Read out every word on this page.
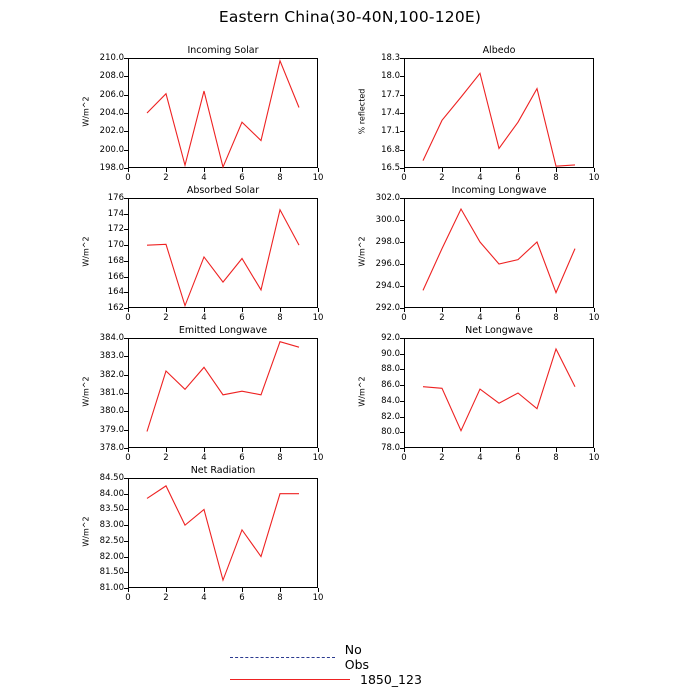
Eastern China(30-40N,100-120E)
Incoming Solar
W/m^2
198.0
200.0
202.0
204.0
206.0
208.0
210.0
0	2	4	6	8	10
Albedo
% reflected
16.5
16.8
17.1
17.4
17.7
18.0
18.3
0	2	4	6	8	10
Absorbed Solar
W/m^2
162
164
166
168
170
172
174
176
0	2	4	6	8	10
Incoming Longwave
W/m^2
292.0
294.0
296.0
298.0
300.0
302.0
0	2	4	6	8	10
Emitted Longwave
W/m^2
378.0
379.0
380.0
381.0
382.0
383.0
384.0
0	2	4	6	8	10
Net Longwave
W/m^2
78.0
80.0
82.0
84.0
86.0
88.0
90.0
92.0
0	2	4	6	8	10
Net Radiation
W/m^2
81.00
81.50
82.00
82.50
83.00
83.50
84.00
84.50
0	2	4	6	8	10
No Obs
1850_123
